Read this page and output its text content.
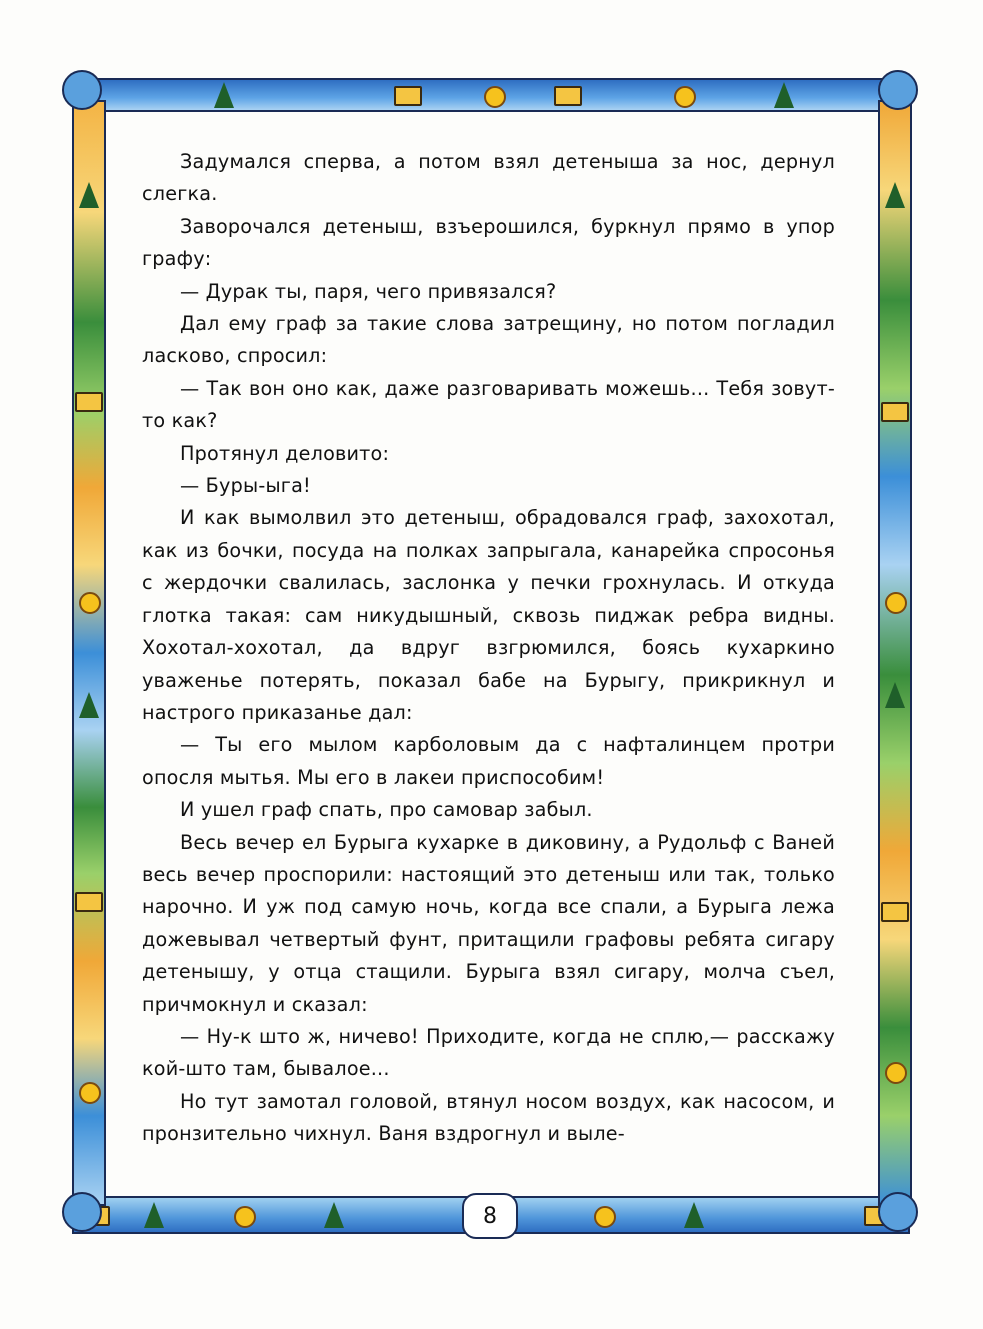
Задумался сперва, а потом взял детеныша за нос, дернул слегка.

Заворочался детеныш, взъерошился, буркнул прямо в упор графу:

— Дурак ты, паря, чего привязался?

Дал ему граф за такие слова затрещину, но потом погладил ласково, спросил:

— Так вон оно как, даже разговаривать можешь... Тебя зовут-то как?

Протянул деловито:

— Буры-ыга!

И как вымолвил это детеныш, обрадовался граф, захохотал, как из бочки, посуда на полках запрыгала, канарейка спросонья с жердочки свалилась, заслонка у печки грохнулась. И откуда глотка такая: сам никудышный, сквозь пиджак ребра видны. Хохотал-хохотал, да вдруг взгрюмился, боясь кухаркино уваженье потерять, показал бабе на Бурыгу, прикрикнул и настрого приказанье дал:

— Ты его мылом карболовым да с нафталинцем протри опосля мытья. Мы его в лакеи приспособим!

И ушел граф спать, про самовар забыл.

Весь вечер ел Бурыга кухарке в диковину, а Рудольф с Ваней весь вечер проспорили: настоящий это детеныш или так, только нарочно. И уж под самую ночь, когда все спали, а Бурыга лежа дожевывал четвертый фунт, притащили графовы ребята сигару детенышу, у отца стащили. Бурыга взял сигару, молча съел, причмокнул и сказал:

— Ну-к што ж, ничево! Приходите, когда не сплю,— расскажу кой-што там, бывалое...

Но тут замотал головой, втянул носом воздух, как насосом, и пронзительно чихнул. Ваня вздрогнул и выле-

8
